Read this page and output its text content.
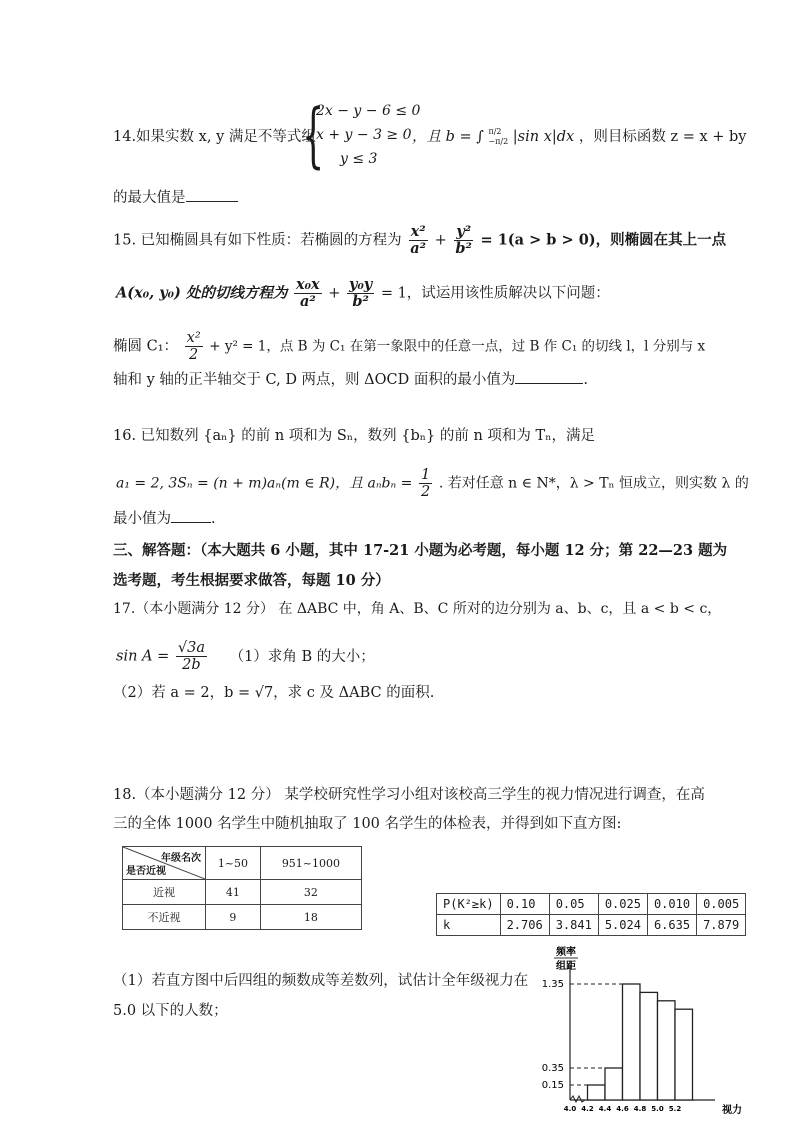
14.如果实数 x, y 满足不等式组
{
2x − y − 6 ≤ 0
x + y − 3 ≥ 0
y ≤ 3
，且 b = ∫ π/2
−π/2 |sin x|dx ，则目标函数 z = x + by
的最大值是
15. 已知椭圆具有如下性质：若椭圆的方程为 $\frac{\text{x²}}{\text{a²}} + \frac{\text{y²}}{\text{b²}} = 1(a > b > 0)$，则椭圆在其上一点
A(x₀, y₀) 处的切线方程为 $\frac{\text{x₀x}}{\text{a²}} + \frac{\text{y₀y}}{\text{b²}} = 1$，试运用该性质解决以下问题：
椭圆 C₁： $\frac{\text{x²}}{2} + y^2 = 1$，点 B 为 C₁ 在第一象限中的任意一点，过 B 作 C₁ 的切线 l，l 分别与 x
轴和 y 轴的正半轴交于 C, D 两点，则 ΔOCD 面积的最小值为	.
16. 已知数列 {aₙ} 的前 n 项和为 Sₙ，数列 {bₙ} 的前 n 项和为 Tₙ，满足
a₁ = 2, 3Sₙ = (n + m)aₙ(m ∈ R)，且 $a_nb_n = \frac{1}{2}$ . 若对任意 n ∈ N*，λ > Tₙ 恒成立，则实数 λ 的
最小值为	.
三、解答题：（本大题共 6 小题，其中 17-21 小题为必考题，每小题 12 分；第 22—23 题为
选考题，考生根据要求做答，每题 10 分）
17.（本小题满分 12 分） 在 ΔABC 中，角 A、B、C 所对的边分别为 a、b、c，且 a < b < c，
$\sin A = \frac{√3a}{2b} (1)$求角 B 的大小；
（2）若 a = 2，b = √7，求 c 及 ΔABC 的面积.
18.（本小题满分 12 分） 某学校研究性学习小组对该校高三学生的视力情况进行调查，在高
三的全体 1000 名学生中随机抽取了 100 名学生的体检表，并得到如下直方图:
年级名次
是否近视	1~50	951~1000
近视	41	32
不近视	9	18
P(K²≥k)	0.10	0.05	0.025	0.010	0.005
k	2.706	3.841	5.024	6.635	7.879
（1）若直方图中后四组的频数成等差数列，试估计全年级视力在
5.0 以下的人数；
频率
组距
视力
1.35
0.35
0.15
4.0 4.2 4.4 4.6 4.8 5.0 5.2
